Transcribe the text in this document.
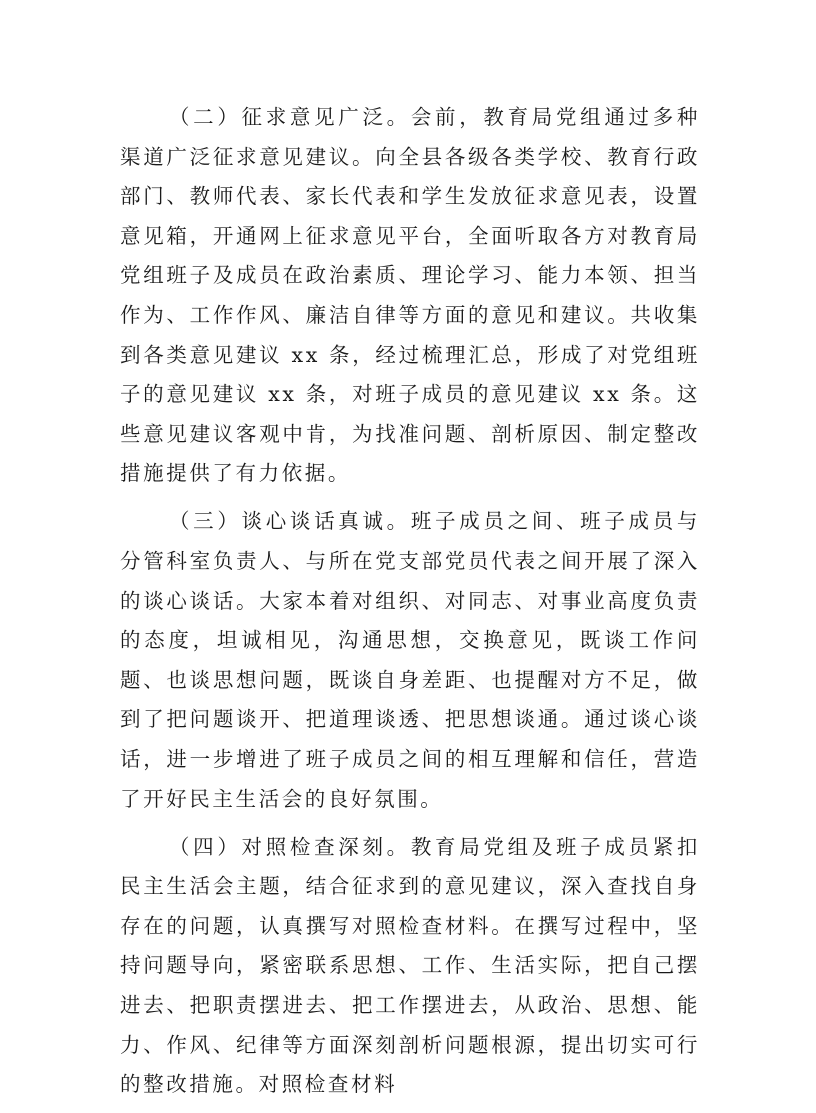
（二）征求意见广泛。会前，教育局党组通过多种渠道广泛征求意见建议。向全县各级各类学校、教育行政部门、教师代表、家长代表和学生发放征求意见表，设置意见箱，开通网上征求意见平台，全面听取各方对教育局党组班子及成员在政治素质、理论学习、能力本领、担当作为、工作作风、廉洁自律等方面的意见和建议。共收集到各类意见建议 xx 条，经过梳理汇总，形成了对党组班子的意见建议 xx 条，对班子成员的意见建议 xx 条。这些意见建议客观中肯，为找准问题、剖析原因、制定整改措施提供了有力依据。

（三）谈心谈话真诚。班子成员之间、班子成员与分管科室负责人、与所在党支部党员代表之间开展了深入的谈心谈话。大家本着对组织、对同志、对事业高度负责的态度，坦诚相见，沟通思想，交换意见，既谈工作问题、也谈思想问题，既谈自身差距、也提醒对方不足，做到了把问题谈开、把道理谈透、把思想谈通。通过谈心谈话，进一步增进了班子成员之间的相互理解和信任，营造了开好民主生活会的良好氛围。

（四）对照检查深刻。教育局党组及班子成员紧扣民主生活会主题，结合征求到的意见建议，深入查找自身存在的问题，认真撰写对照检查材料。在撰写过程中，坚持问题导向，紧密联系思想、工作、生活实际，把自己摆进去、把职责摆进去、把工作摆进去，从政治、思想、能力、作风、纪律等方面深刻剖析问题根源，提出切实可行的整改措施。对照检查材料
